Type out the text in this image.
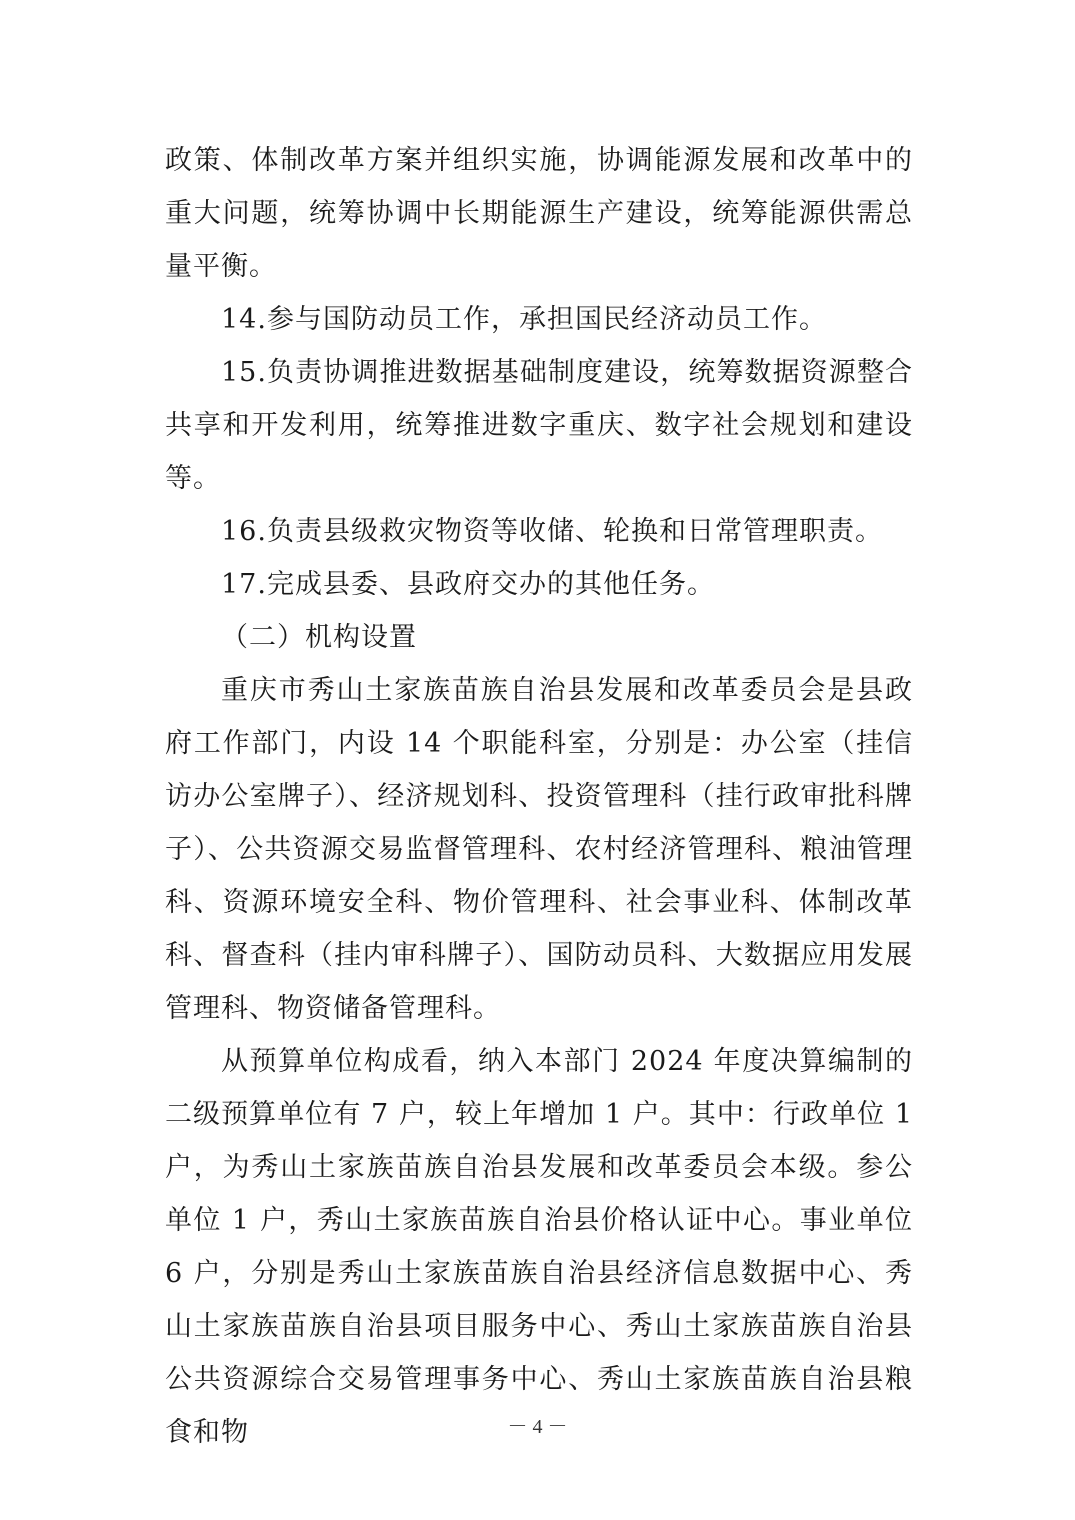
政策、体制改革方案并组织实施，协调能源发展和改革中的重大问题，统筹协调中长期能源生产建设，统筹能源供需总量平衡。

14.参与国防动员工作，承担国民经济动员工作。

15.负责协调推进数据基础制度建设，统筹数据资源整合共享和开发利用，统筹推进数字重庆、数字社会规划和建设等。

16.负责县级救灾物资等收储、轮换和日常管理职责。

17.完成县委、县政府交办的其他任务。

（二）机构设置

重庆市秀山土家族苗族自治县发展和改革委员会是县政府工作部门，内设 14 个职能科室，分别是：办公室（挂信访办公室牌子）、经济规划科、投资管理科（挂行政审批科牌子）、公共资源交易监督管理科、农村经济管理科、粮油管理科、资源环境安全科、物价管理科、社会事业科、体制改革科、督查科（挂内审科牌子）、国防动员科、大数据应用发展管理科、物资储备管理科。

从预算单位构成看，纳入本部门 2024 年度决算编制的二级预算单位有 7 户，较上年增加 1 户。其中：行政单位 1 户，为秀山土家族苗族自治县发展和改革委员会本级。参公单位 1 户，秀山土家族苗族自治县价格认证中心。事业单位 6 户，分别是秀山土家族苗族自治县经济信息数据中心、秀山土家族苗族自治县项目服务中心、秀山土家族苗族自治县公共资源综合交易管理事务中心、秀山土家族苗族自治县粮食和物	－ 4 －
